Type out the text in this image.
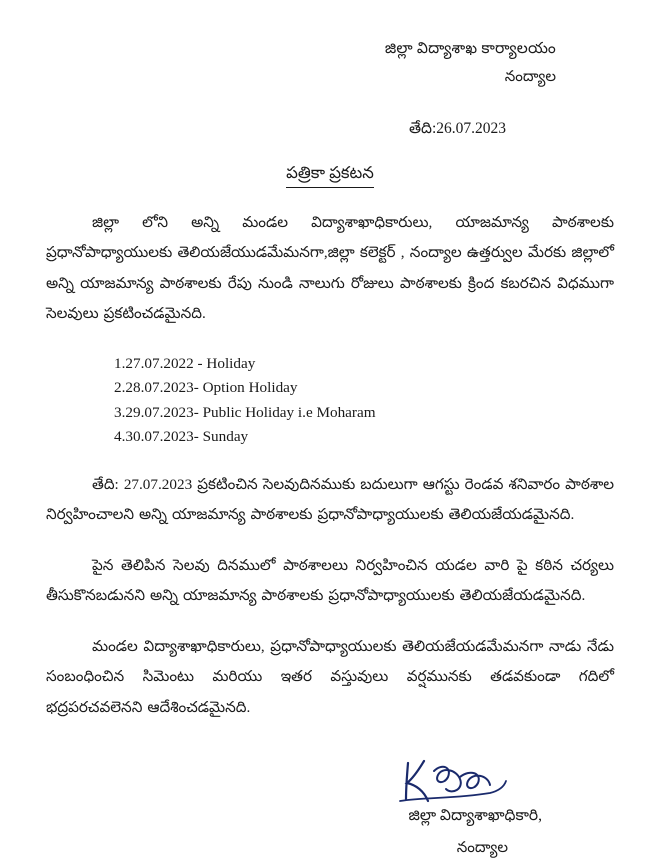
జిల్లా విద్యాశాఖ కార్యాలయం
నంద్యాల
తేది:26.07.2023
పత్రికా ప్రకటన

జిల్లా లోని అన్ని మండల విద్యాశాఖాధికారులు, యాజమాన్య పాఠశాలకు ప్రధానోపాధ్యాయులకు తెలియజేయుడమేమనగా,జిల్లా కలెక్టర్ , నంద్యాల ఉత్తర్వుల మేరకు జిల్లాలో అన్ని యాజమాన్య పాఠశాలకు రేపు నుండి నాలుగు రోజులు పాఠశాలకు క్రింద కబరచిన విధముగా సెలవులు ప్రకటించడమైనది.

1.27.07.2022 - Holiday
2.28.07.2023- Option Holiday
3.29.07.2023- Public Holiday i.e Moharam
4.30.07.2023- Sunday

తేది: 27.07.2023 ప్రకటించిన సెలవుదినముకు బదులుగా ఆగస్టు రెండవ శనివారం పాఠశాల నిర్వహించాలని అన్ని యాజమాన్య పాఠశాలకు ప్రధానోపాధ్యాయులకు తెలియజేయడమైనది.

పైన తెలిపిన సెలవు దినములో పాఠశాలలు నిర్వహించిన యడల వారి పై కఠిన చర్యలు తీసుకొనబడునని అన్ని యాజమాన్య పాఠశాలకు ప్రధానోపాధ్యాయులకు తెలియజేయడమైనది.

మండల విద్యాశాఖాధికారులు, ప్రధానోపాధ్యాయులకు తెలియజేయడమేమనగా నాడు నేడు సంబంధించిన సిమెంటు మరియు ఇతర వస్తువులు వర్షమునకు తడవకుండా గదిలో భద్రపరచవలెనని ఆదేశించడమైనది.

జిల్లా విద్యాశాఖాధికారి,
నంద్యాల
